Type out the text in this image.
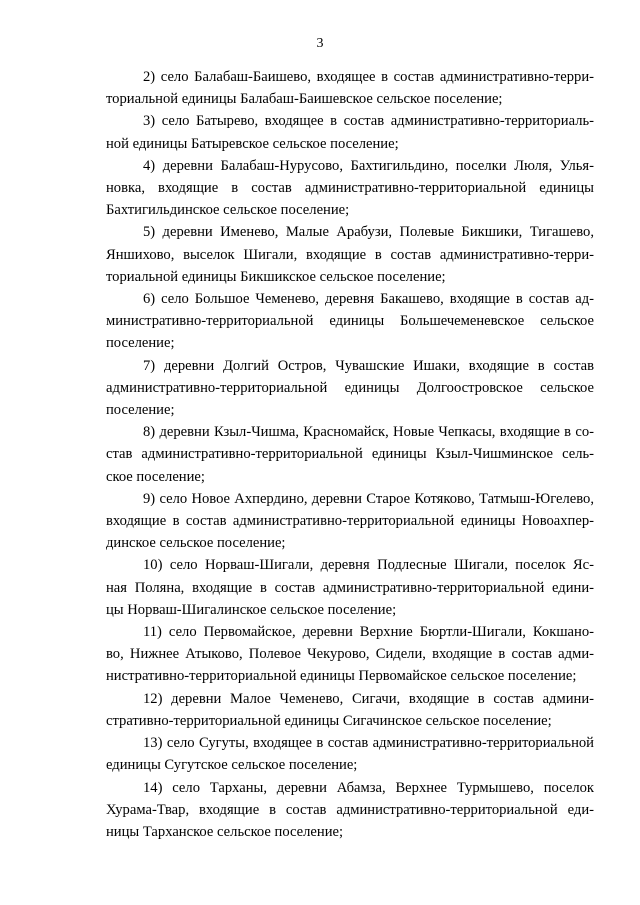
3
2) село Балабаш-Баишево, входящее в состав административно-терри-
ториальной единицы Балабаш-Баишевское сельское поселение;
3) село Батырево, входящее в состав административно-территориаль-
ной единицы Батыревское сельское поселение;
4) деревни Балабаш-Нурусово, Бахтигильдино, поселки Люля, Улья-
новка, входящие в состав административно-территориальной единицы
Бахтигильдинское сельское поселение;
5) деревни Именево, Малые Арабузи, Полевые Бикшики, Тигашево,
Яншихово, выселок Шигали, входящие в состав административно-терри-
ториальной единицы Бикшикское сельское поселение;
6) село Большое Чеменево, деревня Бакашево, входящие в состав ад-
министративно-территориальной единицы Большечеменевское сельское
поселение;
7) деревни Долгий Остров, Чувашские Ишаки, входящие в состав
административно-территориальной единицы Долгоостровское сельское
поселение;
8) деревни Кзыл-Чишма, Красномайск, Новые Чепкасы, входящие в со-
став административно-территориальной единицы Кзыл-Чишминское сель-
ское поселение;
9) село Новое Ахпердино, деревни Старое Котяково, Татмыш-Югелево,
входящие в состав административно-территориальной единицы Новоахпер-
динское сельское поселение;
10) село Норваш-Шигали, деревня Подлесные Шигали, поселок Яс-
ная Поляна, входящие в состав административно-территориальной едини-
цы Норваш-Шигалинское сельское поселение;
11) село Первомайское, деревни Верхние Бюртли-Шигали, Кокшано-
во, Нижнее Атыково, Полевое Чекурово, Сидели, входящие в состав адми-
нистративно-территориальной единицы Первомайское сельское поселение;
12) деревни Малое Чеменево, Сигачи, входящие в состав админи-
стративно-территориальной единицы Сигачинское сельское поселение;
13) село Сугуты, входящее в состав административно-территориальной
единицы Сугутское сельское поселение;
14) село Тарханы, деревни Абамза, Верхнее Турмышево, поселок
Хурама-Твар, входящие в состав административно-территориальной еди-
ницы Тарханское сельское поселение;
